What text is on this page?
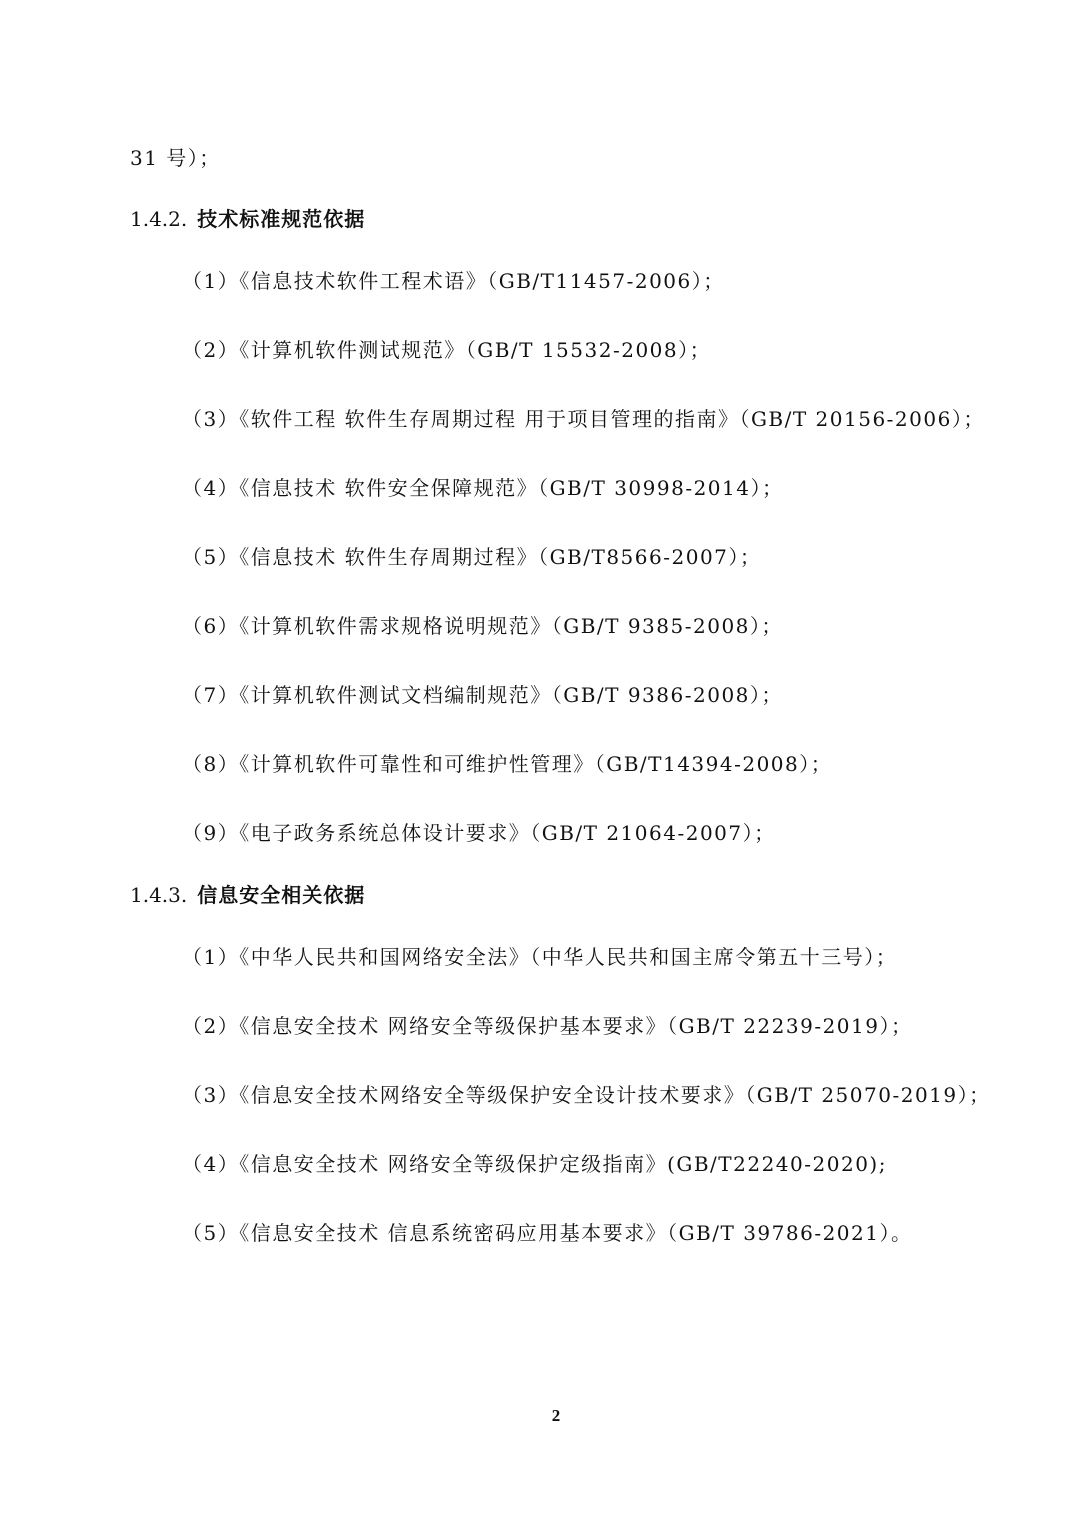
31 号）；
1.4.2. 技术标准规范依据
（1）《信息技术软件工程术语》（GB/T11457-2006）；
（2）《计算机软件测试规范》（GB/T 15532-2008）；
（3）《软件工程 软件生存周期过程 用于项目管理的指南》（GB/T 20156-2006）；
（4）《信息技术 软件安全保障规范》（GB/T 30998-2014）；
（5）《信息技术 软件生存周期过程》（GB/T8566-2007）；
（6）《计算机软件需求规格说明规范》（GB/T 9385-2008）；
（7）《计算机软件测试文档编制规范》（GB/T 9386-2008）；
（8）《计算机软件可靠性和可维护性管理》（GB/T14394-2008）；
（9）《电子政务系统总体设计要求》（GB/T 21064-2007）；
1.4.3. 信息安全相关依据
（1）《中华人民共和国网络安全法》（中华人民共和国主席令第五十三号）；
（2）《信息安全技术 网络安全等级保护基本要求》（GB/T 22239-2019）；
（3）《信息安全技术网络安全等级保护安全设计技术要求》（GB/T 25070-2019）；
（4）《信息安全技术 网络安全等级保护定级指南》(GB/T22240-2020);
（5）《信息安全技术 信息系统密码应用基本要求》（GB/T 39786-2021）。
2
